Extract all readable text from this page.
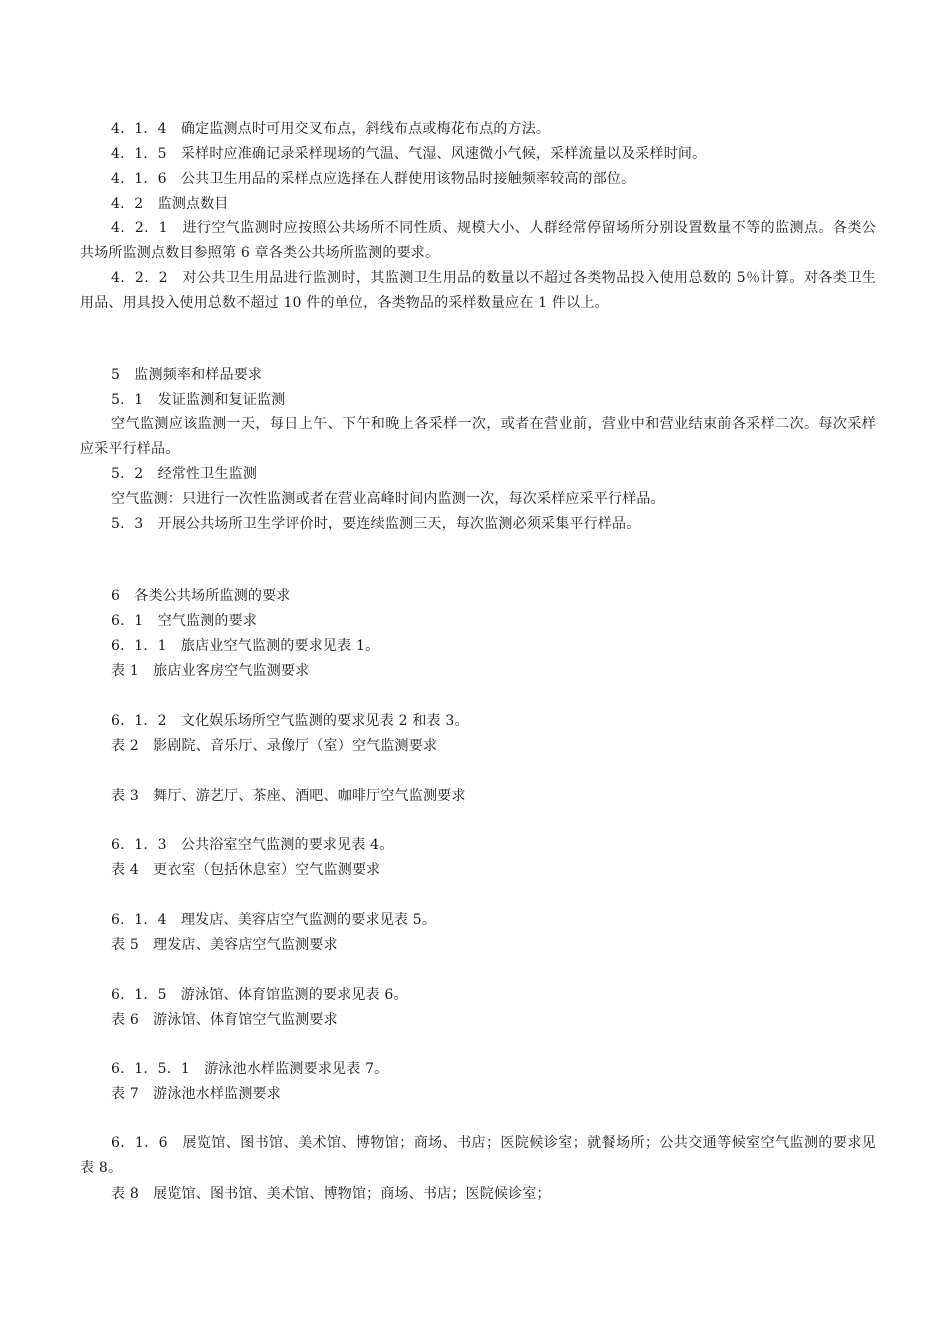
4．1．4　确定监测点时可用交叉布点，斜线布点或梅花布点的方法。
4．1．5　采样时应准确记录采样现场的气温、气湿、风速微小气候，采样流量以及采样时间。
4．1．6　公共卫生用品的采样点应选择在人群使用该物品时接触频率较高的部位。
4．2　监测点数目
4．2．1　进行空气监测时应按照公共场所不同性质、规模大小、人群经常停留场所分别设置数量不等的监测点。各类公共场所监测点数目参照第 6 章各类公共场所监测的要求。
4．2．2　对公共卫生用品进行监测时，其监测卫生用品的数量以不超过各类物品投入使用总数的 5％计算。对各类卫生用品、用具投入使用总数不超过 10 件的单位，各类物品的采样数量应在 1 件以上。
5　监测频率和样品要求
5．1　发证监测和复证监测
空气监测应该监测一天，每日上午、下午和晚上各采样一次，或者在营业前，营业中和营业结束前各采样二次。每次采样应采平行样品。
5．2　经常性卫生监测
空气监测：只进行一次性监测或者在营业高峰时间内监测一次，每次采样应采平行样品。
5．3　开展公共场所卫生学评价时，要连续监测三天，每次监测必须采集平行样品。
6　各类公共场所监测的要求
6．1　空气监测的要求
6．1．1　旅店业空气监测的要求见表 1。
表 1　旅店业客房空气监测要求
6．1．2　文化娱乐场所空气监测的要求见表 2 和表 3。
表 2　影剧院、音乐厅、录像厅（室）空气监测要求
表 3　舞厅、游艺厅、茶座、酒吧、咖啡厅空气监测要求
6．1．3　公共浴室空气监测的要求见表 4。
表 4　更衣室（包括休息室）空气监测要求
6．1．4　理发店、美容店空气监测的要求见表 5。
表 5　理发店、美容店空气监测要求
6．1．5　游泳馆、体育馆监测的要求见表 6。
表 6　游泳馆、体育馆空气监测要求
6．1．5．1　游泳池水样监测要求见表 7。
表 7　游泳池水样监测要求
6．1．6　展览馆、图书馆、美术馆、博物馆；商场、书店；医院候诊室；就餐场所；公共交通等候室空气监测的要求见表 8。
表 8　展览馆、图书馆、美术馆、博物馆；商场、书店；医院候诊室；
